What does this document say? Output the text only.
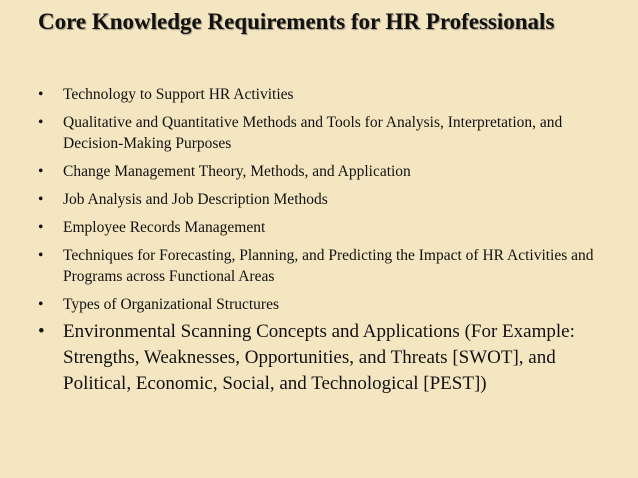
Core Knowledge Requirements for HR Professionals
• Technology to Support HR Activities
• Qualitative and Quantitative Methods and Tools for Analysis, Interpretation, and Decision-Making Purposes
• Change Management Theory, Methods, and Application
• Job Analysis and Job Description Methods
• Employee Records Management
• Techniques for Forecasting, Planning, and Predicting the Impact of HR Activities and Programs across Functional Areas
• Types of Organizational Structures
• Environmental Scanning Concepts and Applications (For Example: Strengths, Weaknesses, Opportunities, and Threats [SWOT], and Political, Economic, Social, and Technological [PEST])
